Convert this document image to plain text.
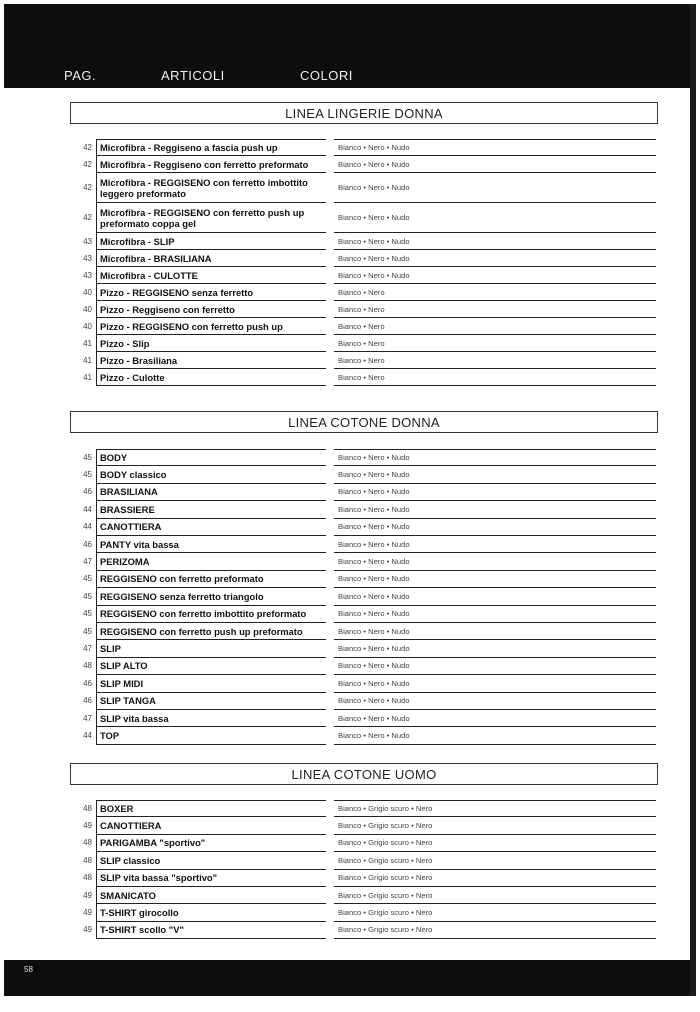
PAG.	ARTICOLI	COLORI
LINEA LINGERIE DONNA
42 Microfibra - Reggiseno a fascia push up	Bianco • Nero • Nudo
42 Microfibra - Reggiseno con ferretto preformato	Bianco • Nero • Nudo
42 Microfibra - REGGISENO con ferretto imbottito leggero preformato	Bianco • Nero • Nudo
42 Microfibra - REGGISENO con ferretto push up preformato coppa gel	Bianco • Nero • Nudo
43 Microfibra - SLIP	Bianco • Nero • Nudo
43 Microfibra - BRASILIANA	Bianco • Nero • Nudo
43 Microfibra - CULOTTE	Bianco • Nero • Nudo
40 Pizzo - REGGISENO senza ferretto	Bianco • Nero
40 Pizzo - Reggiseno con ferretto	Bianco • Nero
40 Pizzo - REGGISENO con ferretto push up	Bianco • Nero
41 Pizzo - Slip	Bianco • Nero
41 Pizzo - Brasiliana	Bianco • Nero
41 Pizzo - Culotte	Bianco • Nero
LINEA COTONE DONNA
45 BODY	Bianco • Nero • Nudo
45 BODY classico	Bianco • Nero • Nudo
46 BRASILIANA	Bianco • Nero • Nudo
44 BRASSIERE	Bianco • Nero • Nudo
44 CANOTTIERA	Bianco • Nero • Nudo
46 PANTY vita bassa	Bianco • Nero • Nudo
47 PERIZOMA	Bianco • Nero • Nudo
45 REGGISENO con ferretto preformato	Bianco • Nero • Nudo
45 REGGISENO senza ferretto triangolo	Bianco • Nero • Nudo
45 REGGISENO con ferretto imbottito preformato	Bianco • Nero • Nudo
45 REGGISENO con ferretto push up preformato	Bianco • Nero • Nudo
47 SLIP	Bianco • Nero • Nudo
48 SLIP ALTO	Bianco • Nero • Nudo
46 SLIP MIDI	Bianco • Nero • Nudo
46 SLIP TANGA	Bianco • Nero • Nudo
47 SLIP vita bassa	Bianco • Nero • Nudo
44 TOP	Bianco • Nero • Nudo
LINEA COTONE UOMO
48 BOXER	Bianco • Grigio scuro • Nero
49 CANOTTIERA	Bianco • Grigio scuro • Nero
48 PARIGAMBA "sportivo"	Bianco • Grigio scuro • Nero
48 SLIP classico	Bianco • Grigio scuro • Nero
48 SLIP vita bassa "sportivo"	Bianco • Grigio scuro • Nero
49 SMANICATO	Bianco • Grigio scuro • Nero
49 T-SHIRT girocollo	Bianco • Grigio scuro • Nero
49 T-SHIRT scollo "V"	Bianco • Grigio scuro • Nero
58
